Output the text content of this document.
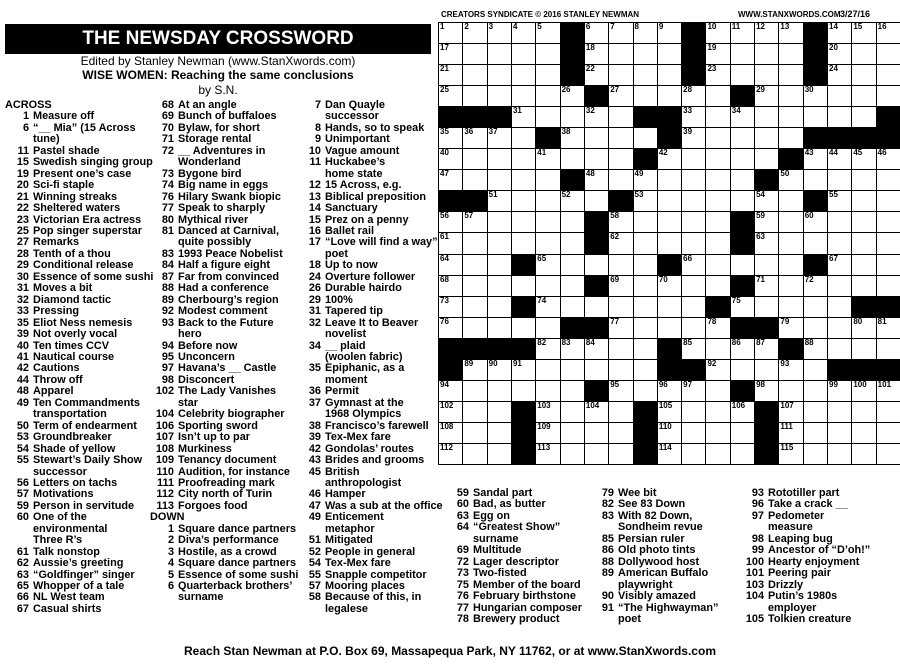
THE NEWSDAY CROSSWORD
Edited by Stanley Newman (www.StanXwords.com)
WISE WOMEN: Reaching the same conclusions
by S.N.
CREATORS SYNDICATE © 2016 STANLEY NEWMAN	WWW.STANXWORDS.COM 3/27/16
1 2 3 4 5	6 7 8 9	10 11 12 13	14 15 16
17	18	19	20
21	22	23	24
25	26	27	28	29	30
31	32	33	34
35 36 37	38	39
40	41	42	43 44 45 46
47	48	49	50
51	52	53	54	55
56 57	58	59	60
61	62	63
64	65	66	67
68	69	70	71	72
73	74	75
76	77	78	79	80 81
82 83 84	85	86 87	88
89 90 91	92	93
94	95	96 97	98	99 100 101
102	103	104	105	106	107
108	109	110	111
112	113	114	115
ACROSS
1 Measure off
6 “__ Mia” (15 Across
tune)
11 Pastel shade
15 Swedish singing group
19 Present one’s case
20 Sci-fi staple
21 Winning streaks
22 Sheltered waters
23 Victorian Era actress
25 Pop singer superstar
27 Remarks
28 Tenth of a thou
29 Conditional release
30 Essence of some sushi
31 Moves a bit
32 Diamond tactic
33 Pressing
35 Eliot Ness nemesis
39 Not overly vocal
40 Ten times CCV
41 Nautical course
42 Cautions
44 Throw off
48 Apparel
49 Ten Commandments
transportation
50 Term of endearment
53 Groundbreaker
54 Shade of yellow
55 Stewart’s Daily Show
successor
56 Letters on tachs
57 Motivations
59 Person in servitude
60 One of the
environmental
Three R’s
61 Talk nonstop
62 Aussie’s greeting
63 “Goldfinger” singer
65 Whopper of a tale
66 NL West team
67 Casual shirts
68 At an angle
69 Bunch of buffaloes
70 Bylaw, for short
71 Storage rental
72 __ Adventures in
Wonderland
73 Bygone bird
74 Big name in eggs
76 Hilary Swank biopic
77 Speak to sharply
80 Mythical river
81 Danced at Carnival,
quite possibly
83 1993 Peace Nobelist
84 Half a figure eight
87 Far from convinced
88 Had a conference
89 Cherbourg’s region
92 Modest comment
93 Back to the Future
hero
94 Before now
95 Unconcern
97 Havana’s __ Castle
98 Disconcert
102 The Lady Vanishes
star
104 Celebrity biographer
106 Sporting sword
107 Isn’t up to par
108 Murkiness
109 Tenancy document
110 Audition, for instance
111 Proofreading mark
112 City north of Turin
113 Forgoes food
DOWN
1 Square dance partners
2 Diva’s performance
3 Hostile, as a crowd
4 Square dance partners
5 Essence of some sushi
6 Quarterback brothers’
surname
7 Dan Quayle
successor
8 Hands, so to speak
9 Unimportant
10 Vague amount
11 Huckabee’s
home state
12 15 Across, e.g.
13 Biblical preposition
14 Sanctuary
15 Prez on a penny
16 Ballet rail
17 “Love will find a way”
poet
18 Up to now
24 Overture follower
26 Durable hairdo
29 100%
31 Tapered tip
32 Leave It to Beaver
novelist
34 __ plaid
(woolen fabric)
35 Epiphanic, as a
moment
36 Permit
37 Gymnast at the
1968 Olympics
38 Francisco’s farewell
39 Tex-Mex fare
42 Gondolas’ routes
43 Brides and grooms
45 British
anthropologist
46 Hamper
47 Was a sub at the office
49 Enticement
metaphor
51 Mitigated
52 People in general
54 Tex-Mex fare
55 Snapple competitor
57 Mooring places
58 Because of this, in
legalese
59 Sandal part
60 Bad, as butter
63 Egg on
64 “Greatest Show”
surname
69 Multitude
72 Lager descriptor
73 Two-fisted
75 Member of the board
76 February birthstone
77 Hungarian composer
78 Brewery product
79 Wee bit
82 See 83 Down
83 With 82 Down,
Sondheim revue
85 Persian ruler
86 Old photo tints
88 Dollywood host
89 American Buffalo
playwright
90 Visibly amazed
91 “The Highwayman”
poet
93 Rototiller part
96 Take a crack __
97 Pedometer
measure
98 Leaping bug
99 Ancestor of “D’oh!”
100 Hearty enjoyment
101 Peering pair
103 Drizzly
104 Putin’s 1980s
employer
105 Tolkien creature
Reach Stan Newman at P.O. Box 69, Massapequa Park, NY 11762, or at www.StanXwords.com
